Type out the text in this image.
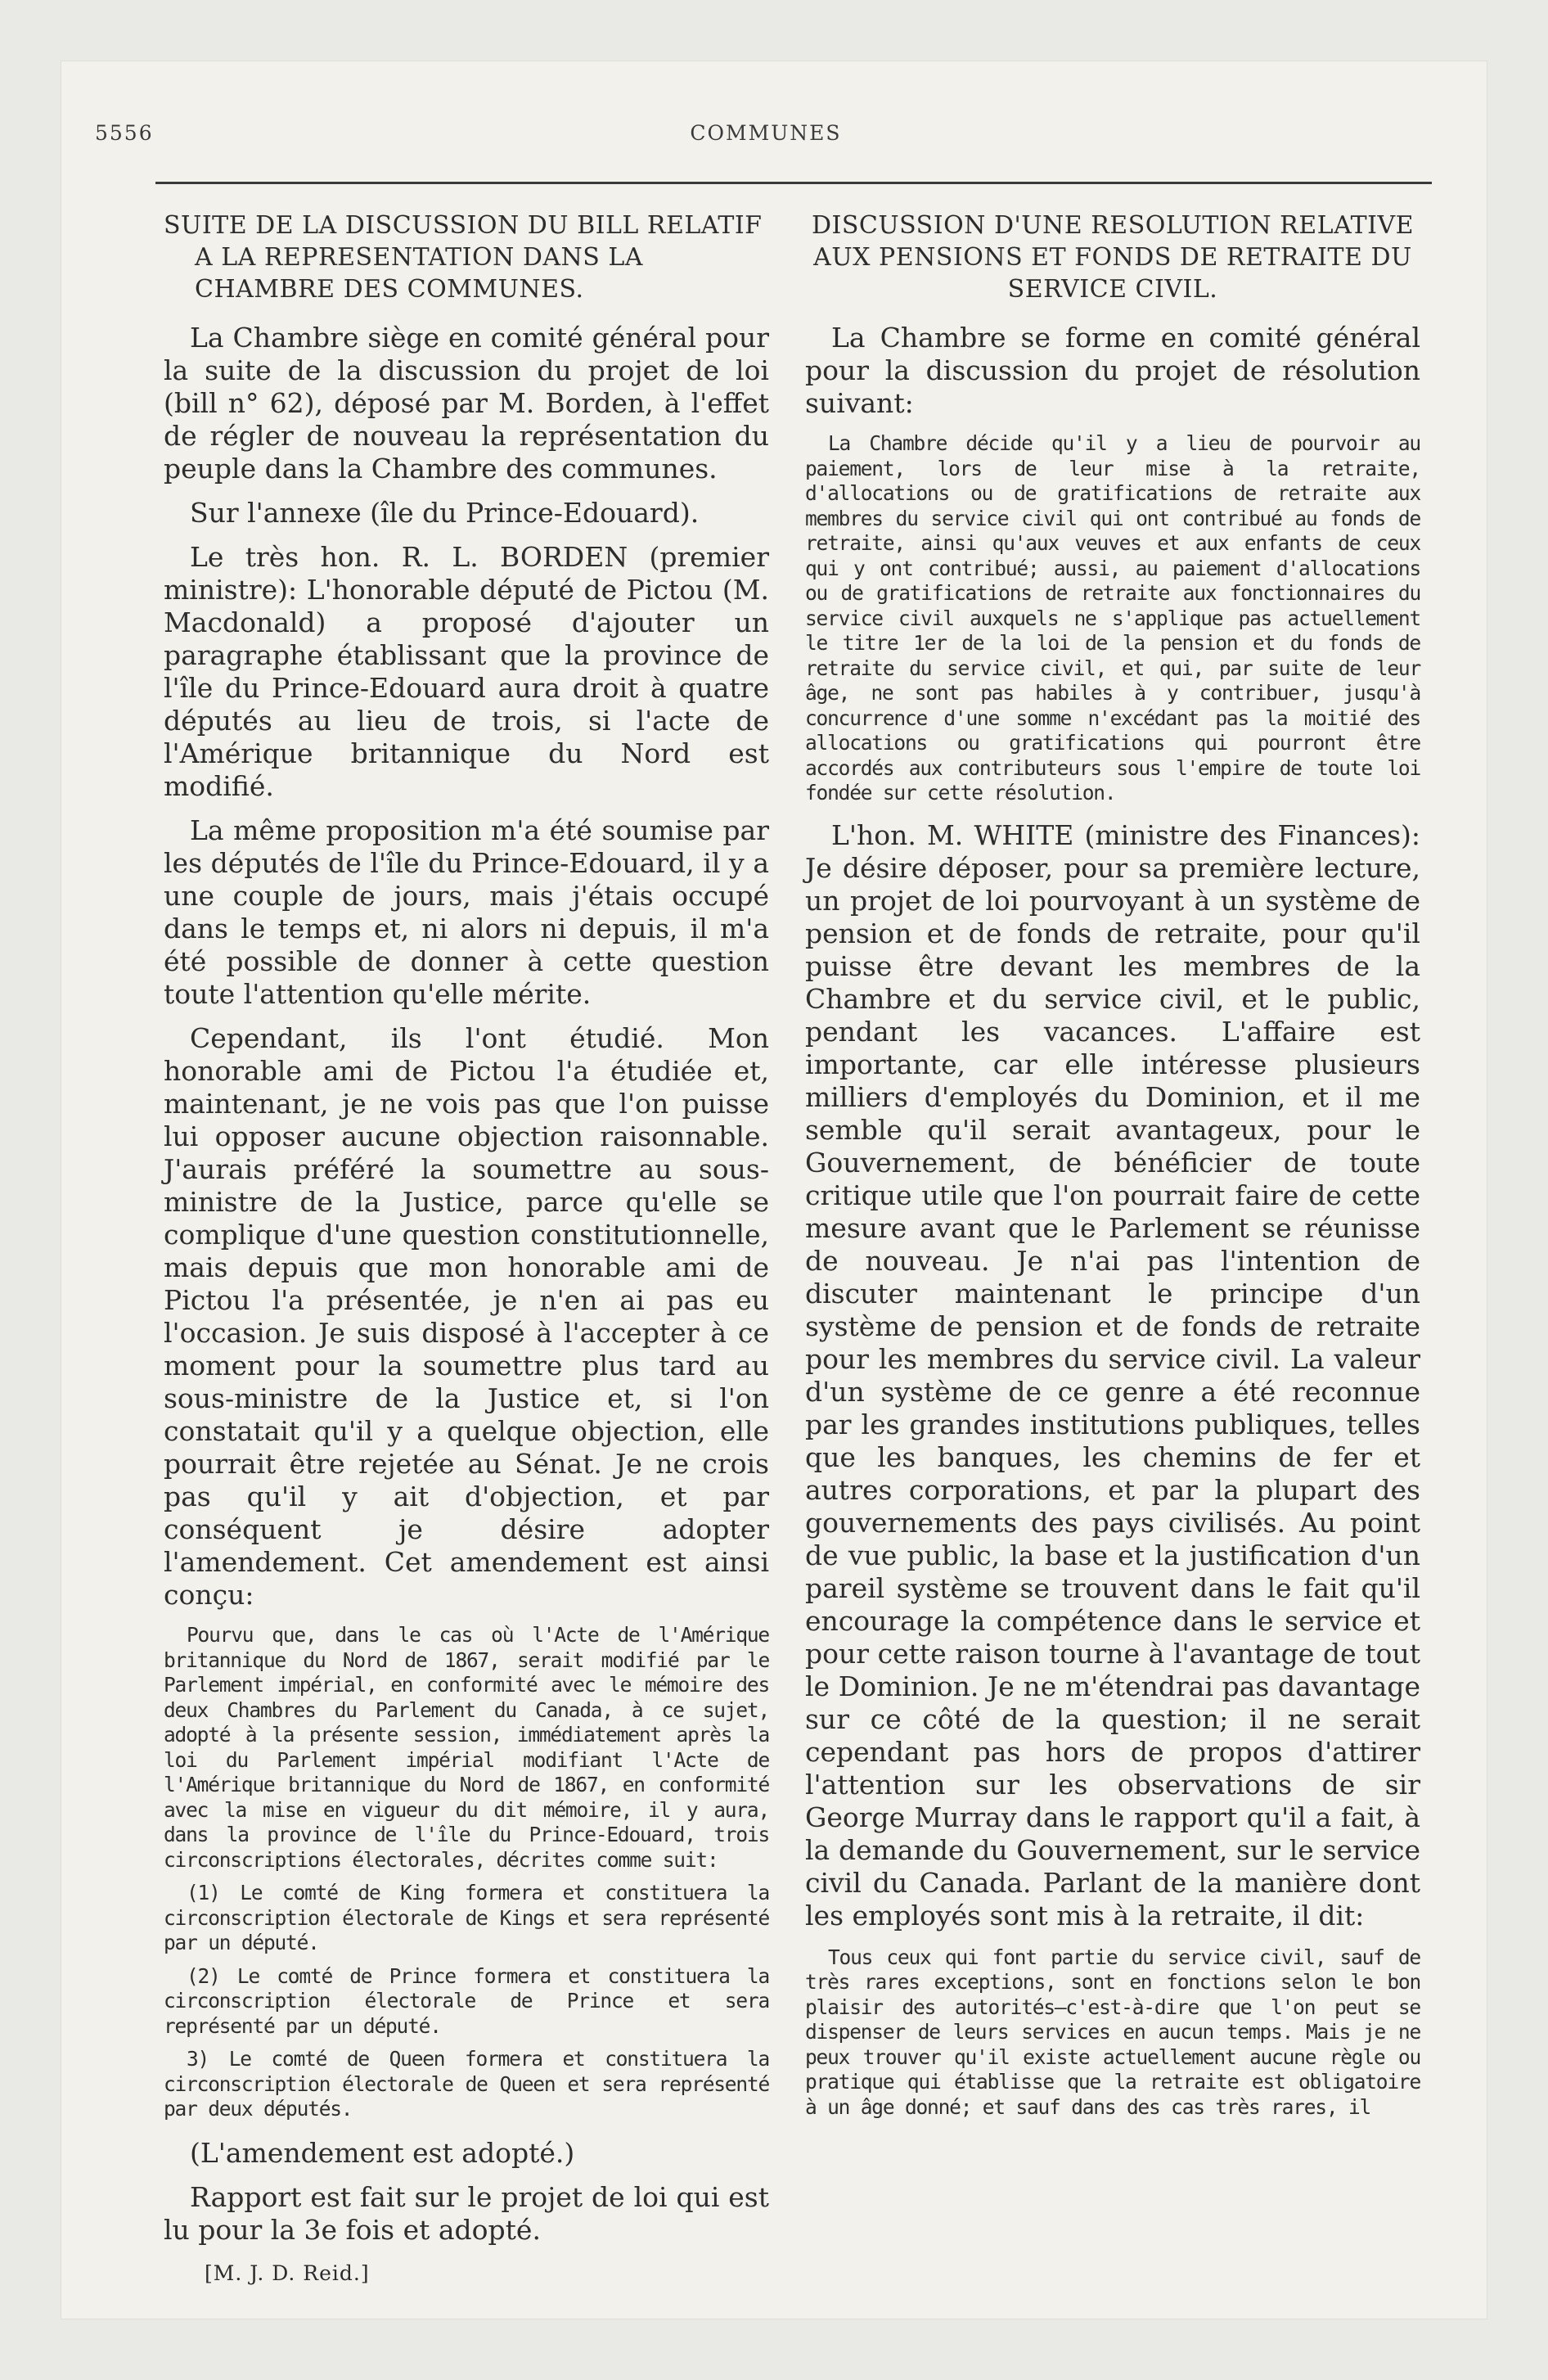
5556	COMMUNES
SUITE DE LA DISCUSSION DU BILL RELATIF A LA REPRESENTATION DANS LA CHAMBRE DES COMMUNES.

La Chambre siège en comité général pour la suite de la discussion du projet de loi (bill n° 62), déposé par M. Borden, à l'effet de régler de nouveau la représentation du peuple dans la Chambre des communes.

Sur l'annexe (île du Prince-Edouard).

Le très hon. R. L. BORDEN (premier ministre): L'honorable député de Pictou (M. Macdonald) a proposé d'ajouter un paragraphe établissant que la province de l'île du Prince-Edouard aura droit à quatre députés au lieu de trois, si l'acte de l'Amérique britannique du Nord est modifié.

La même proposition m'a été soumise par les députés de l'île du Prince-Edouard, il y a une couple de jours, mais j'étais occupé dans le temps et, ni alors ni depuis, il m'a été possible de donner à cette question toute l'attention qu'elle mérite.

Cependant, ils l'ont étudié. Mon honorable ami de Pictou l'a étudiée et, maintenant, je ne vois pas que l'on puisse lui opposer aucune objection raisonnable. J'aurais préféré la soumettre au sous-ministre de la Justice, parce qu'elle se complique d'une question constitutionnelle, mais depuis que mon honorable ami de Pictou l'a présentée, je n'en ai pas eu l'occasion. Je suis disposé à l'accepter à ce moment pour la soumettre plus tard au sous-ministre de la Justice et, si l'on constatait qu'il y a quelque objection, elle pourrait être rejetée au Sénat. Je ne crois pas qu'il y ait d'objection, et par conséquent je désire adopter l'amendement. Cet amendement est ainsi conçu:

Pourvu que, dans le cas où l'Acte de l'Amérique britannique du Nord de 1867, serait modifié par le Parlement impérial, en conformité avec le mémoire des deux Chambres du Parlement du Canada, à ce sujet, adopté à la présente session, immédiatement après la loi du Parlement impérial modifiant l'Acte de l'Amérique britannique du Nord de 1867, en conformité avec la mise en vigueur du dit mémoire, il y aura, dans la province de l'île du Prince-Edouard, trois circonscriptions électorales, décrites comme suit:

(1) Le comté de King formera et constituera la circonscription électorale de Kings et sera représenté par un député.

(2) Le comté de Prince formera et constituera la circonscription électorale de Prince et sera représenté par un député.

3) Le comté de Queen formera et constituera la circonscription électorale de Queen et sera représenté par deux députés.

(L'amendement est adopté.)

Rapport est fait sur le projet de loi qui est lu pour la 3e fois et adopté.

[M. J. D. Reid.]
DISCUSSION D'UNE RESOLUTION RELATIVE AUX PENSIONS ET FONDS DE RETRAITE DU SERVICE CIVIL.

La Chambre se forme en comité général pour la discussion du projet de résolution suivant:

La Chambre décide qu'il y a lieu de pourvoir au paiement, lors de leur mise à la retraite, d'allocations ou de gratifications de retraite aux membres du service civil qui ont contribué au fonds de retraite, ainsi qu'aux veuves et aux enfants de ceux qui y ont contribué; aussi, au paiement d'allocations ou de gratifications de retraite aux fonctionnaires du service civil auxquels ne s'applique pas actuellement le titre 1er de la loi de la pension et du fonds de retraite du service civil, et qui, par suite de leur âge, ne sont pas habiles à y contribuer, jusqu'à concurrence d'une somme n'excédant pas la moitié des allocations ou gratifications qui pourront être accordés aux contributeurs sous l'empire de toute loi fondée sur cette résolution.

L'hon. M. WHITE (ministre des Finances): Je désire déposer, pour sa première lecture, un projet de loi pourvoyant à un système de pension et de fonds de retraite, pour qu'il puisse être devant les membres de la Chambre et du service civil, et le public, pendant les vacances. L'affaire est importante, car elle intéresse plusieurs milliers d'employés du Dominion, et il me semble qu'il serait avantageux, pour le Gouvernement, de bénéficier de toute critique utile que l'on pourrait faire de cette mesure avant que le Parlement se réunisse de nouveau. Je n'ai pas l'intention de discuter maintenant le principe d'un système de pension et de fonds de retraite pour les membres du service civil. La valeur d'un système de ce genre a été reconnue par les grandes institutions publiques, telles que les banques, les chemins de fer et autres corporations, et par la plupart des gouvernements des pays civilisés. Au point de vue public, la base et la justification d'un pareil système se trouvent dans le fait qu'il encourage la compétence dans le service et pour cette raison tourne à l'avantage de tout le Dominion. Je ne m'étendrai pas davantage sur ce côté de la question; il ne serait cependant pas hors de propos d'attirer l'attention sur les observations de sir George Murray dans le rapport qu'il a fait, à la demande du Gouvernement, sur le service civil du Canada. Parlant de la manière dont les employés sont mis à la retraite, il dit:

Tous ceux qui font partie du service civil, sauf de très rares exceptions, sont en fonctions selon le bon plaisir des autorités—c'est-à-dire que l'on peut se dispenser de leurs services en aucun temps. Mais je ne peux trouver qu'il existe actuellement aucune règle ou pratique qui établisse que la retraite est obligatoire à un âge donné; et sauf dans des cas très rares, il
